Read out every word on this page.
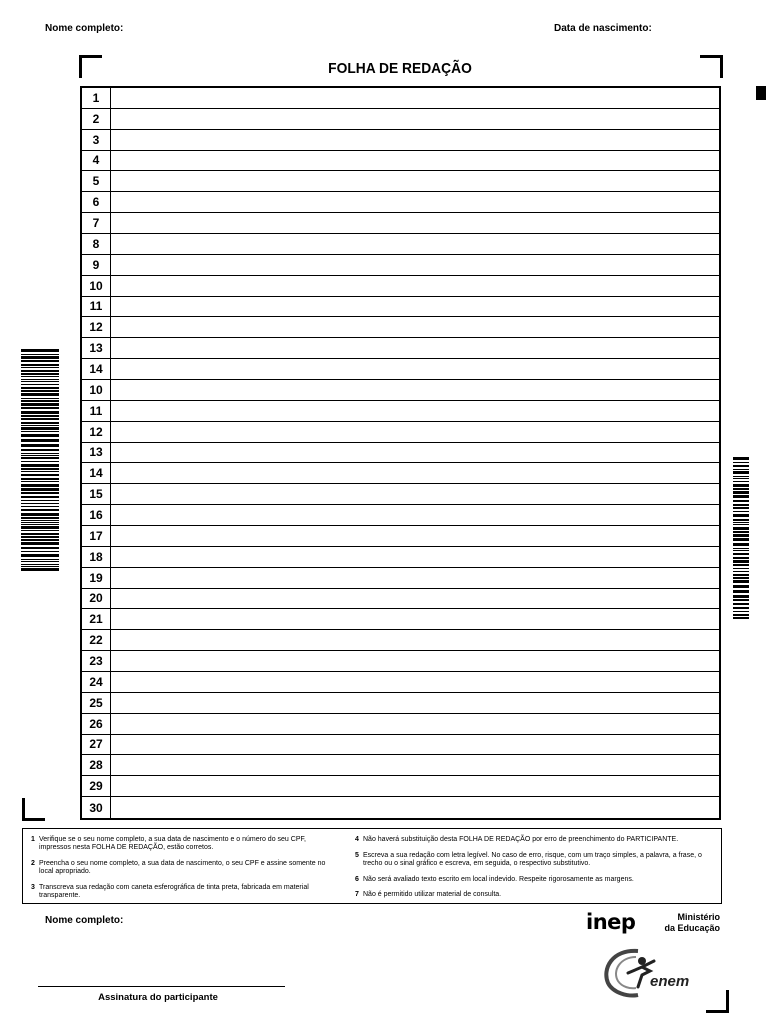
Nome completo:	Data de nascimento:
FOLHA DE REDAÇÃO
1
2
3
4
5
6
7
8
9
10
11
12
13
14
10
11
12
13
14
15
16
17
18
19
20
21
22
23
24
25
26
27
28
29
30
1 Verifique se o seu nome completo, a sua data de nascimento e o número do seu CPF, impressos nesta FOLHA DE REDAÇÃO, estão corretos.
2 Preencha o seu nome completo, a sua data de nascimento, o seu CPF e assine somente no local apropriado.
3 Transcreva sua redação com caneta esferográfica de tinta preta, fabricada em material transparente.
4 Não haverá substituição desta FOLHA DE REDAÇÃO por erro de preenchimento do PARTICIPANTE.
5 Escreva a sua redação com letra legível. No caso de erro, risque, com um traço simples, a palavra, a frase, o trecho ou o sinal gráfico e escreva, em seguida, o respectivo substitutivo.
6 Não será avaliado texto escrito em local indevido. Respeite rigorosamente as margens.
7 Não é permitido utilizar material de consulta.
Nome completo:
Assinatura do participante
inep	Ministério
da Educação
enem
